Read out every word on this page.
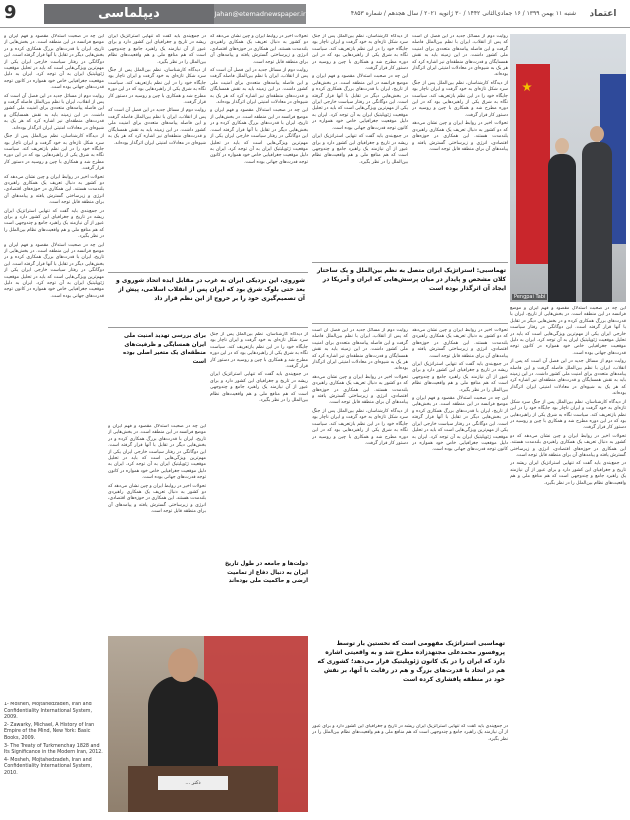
9	دیپلماسی	Jahan@etemadnewspaper.ir	شنبه ۱۱ بهمن ۱۳۹۹ / ۱۶ جمادی‌الثانی ۱۴۴۲ / ۳۰ ژانویه ۲۰۲۱ / سال هجدهم / شماره ۴۸۵۳	اعتماد
Pengpai Tabi

این چه در صحبت استدلال مقصود و فهم ایران و موضع فرانسه در این منطقه است. در بخش‌هایی از تاریخ، ایران با قدرت‌های بزرگ همکاری کرده و در بخش‌هایی دیگر در تقابل با آنها قرار گرفته است. این دوگانگی در رفتار سیاست خارجی ایران یکی از مهم‌ترین ویژگی‌هایی است که باید در تحلیل موقعیت ژئوپلیتیک ایران به آن توجه کرد. ایران به دلیل موقعیت جغرافیایی خاص خود همواره در کانون توجه قدرت‌های جهانی بوده است.

روایت دوم از مسائل جدید در این فصل آن است که پس از انقلاب، ایران با نظم بین‌الملل فاصله گرفت و این فاصله پیامدهای متعددی برای امنیت ملی کشور داشت. در این زمینه باید به نقش همسایگان و قدرت‌های منطقه‌ای نیز اشاره کرد که هر یک به شیوه‌ای در معادلات امنیتی ایران اثرگذار بوده‌اند.

از دیدگاه کارشناسان، نظم بین‌الملل پس از جنگ سرد شکل تازه‌ای به خود گرفت و ایران ناچار بود جایگاه خود را در این نظم بازتعریف کند. سیاست نگاه به شرق یکی از راهبردهایی بود که در این دوره مطرح شد و همکاری با چین و روسیه در دستور کار قرار گرفت.

تحولات اخیر در روابط ایران و چین نشان می‌دهد که دو کشور به دنبال تعریف یک همکاری راهبردی بلندمدت هستند. این همکاری در حوزه‌های اقتصادی، انرژی و زیرساختی گسترش یافته و پیامدهای آن برای منطقه قابل توجه است.

در جمع‌بندی باید گفت که تنهایی استراتژیک ایران ریشه در تاریخ و جغرافیای این کشور دارد و برای عبور از آن نیازمند یک راهبرد جامع و چندوجهی است که هم منافع ملی و هم واقعیت‌های نظام بین‌الملل را در نظر بگیرد.

روایت دوم از مسائل جدید در این فصل آن است که پس از انقلاب، ایران با نظم بین‌الملل فاصله گرفت و این فاصله پیامدهای متعددی برای امنیت ملی کشور داشت. در این زمینه باید به نقش همسایگان و قدرت‌های منطقه‌ای نیز اشاره کرد که هر یک به شیوه‌ای در معادلات امنیتی ایران اثرگذار بوده‌اند.

از دیدگاه کارشناسان، نظم بین‌الملل پس از جنگ سرد شکل تازه‌ای به خود گرفت و ایران ناچار بود جایگاه خود را در این نظم بازتعریف کند. سیاست نگاه به شرق یکی از راهبردهایی بود که در این دوره مطرح شد و همکاری با چین و روسیه در دستور کار قرار گرفت.

تحولات اخیر در روابط ایران و چین نشان می‌دهد که دو کشور به دنبال تعریف یک همکاری راهبردی بلندمدت هستند. این همکاری در حوزه‌های اقتصادی، انرژی و زیرساختی گسترش یافته و پیامدهای آن برای منطقه قابل توجه است.

تهماسبی: استراتژیک ایران متصل به نظم بین‌الملل و یک ساختار کلان مشخص و پایدار در میان پرسش‌هایی که ایران و آمریکا در ایجاد آن اثرگذار بوده است

تحولات اخیر در روابط ایران و چین نشان می‌دهد که دو کشور به دنبال تعریف یک همکاری راهبردی بلندمدت هستند. این همکاری در حوزه‌های اقتصادی، انرژی و زیرساختی گسترش یافته و پیامدهای آن برای منطقه قابل توجه است.

در جمع‌بندی باید گفت که تنهایی استراتژیک ایران ریشه در تاریخ و جغرافیای این کشور دارد و برای عبور از آن نیازمند یک راهبرد جامع و چندوجهی است که هم منافع ملی و هم واقعیت‌های نظام بین‌الملل را در نظر بگیرد.

این چه در صحبت استدلال مقصود و فهم ایران و موضع فرانسه در این منطقه است. در بخش‌هایی از تاریخ، ایران با قدرت‌های بزرگ همکاری کرده و در بخش‌هایی دیگر در تقابل با آنها قرار گرفته است. این دوگانگی در رفتار سیاست خارجی ایران یکی از مهم‌ترین ویژگی‌هایی است که باید در تحلیل موقعیت ژئوپلیتیک ایران به آن توجه کرد. ایران به دلیل موقعیت جغرافیایی خاص خود همواره در کانون توجه قدرت‌های جهانی بوده است.

از دیدگاه کارشناسان، نظم بین‌الملل پس از جنگ سرد شکل تازه‌ای به خود گرفت و ایران ناچار بود جایگاه خود را در این نظم بازتعریف کند. سیاست نگاه به شرق یکی از راهبردهایی بود که در این دوره مطرح شد و همکاری با چین و روسیه در دستور کار قرار گرفت.

این چه در صحبت استدلال مقصود و فهم ایران و موضع فرانسه در این منطقه است. در بخش‌هایی از تاریخ، ایران با قدرت‌های بزرگ همکاری کرده و در بخش‌هایی دیگر در تقابل با آنها قرار گرفته است. این دوگانگی در رفتار سیاست خارجی ایران یکی از مهم‌ترین ویژگی‌هایی است که باید در تحلیل موقعیت ژئوپلیتیک ایران به آن توجه کرد. ایران به دلیل موقعیت جغرافیایی خاص خود همواره در کانون توجه قدرت‌های جهانی بوده است.

در جمع‌بندی باید گفت که تنهایی استراتژیک ایران ریشه در تاریخ و جغرافیای این کشور دارد و برای عبور از آن نیازمند یک راهبرد جامع و چندوجهی است که هم منافع ملی و هم واقعیت‌های نظام بین‌الملل را در نظر بگیرد.

روایت دوم از مسائل جدید در این فصل آن است که پس از انقلاب، ایران با نظم بین‌الملل فاصله گرفت و این فاصله پیامدهای متعددی برای امنیت ملی کشور داشت. در این زمینه باید به نقش همسایگان و قدرت‌های منطقه‌ای نیز اشاره کرد که هر یک به شیوه‌ای در معادلات امنیتی ایران اثرگذار بوده‌اند.

تحولات اخیر در روابط ایران و چین نشان می‌دهد که دو کشور به دنبال تعریف یک همکاری راهبردی بلندمدت هستند. این همکاری در حوزه‌های اقتصادی، انرژی و زیرساختی گسترش یافته و پیامدهای آن برای منطقه قابل توجه است.

از دیدگاه کارشناسان، نظم بین‌الملل پس از جنگ سرد شکل تازه‌ای به خود گرفت و ایران ناچار بود جایگاه خود را در این نظم بازتعریف کند. سیاست نگاه به شرق یکی از راهبردهایی بود که در این دوره مطرح شد و همکاری با چین و روسیه در دستور کار قرار گرفت.

تهماسبی استراتژیک مفهومی است که نخستین بار توسط پروفسور محمدعلی مجتهدزاده مطرح شد و به واقعیتی اشاره دارد که ایران را در یک کانون ژئوپلیتیک قرار می‌دهد؛ کشوری که هم در اتحاد با قدرت‌های بزرگ و هم در رقابت با آنها، بر نقش خود در منطقه پافشاری کرده است

در جمع‌بندی باید گفت که تنهایی استراتژیک ایران ریشه در تاریخ و جغرافیای این کشور دارد و برای عبور از آن نیازمند یک راهبرد جامع و چندوجهی است که هم منافع ملی و هم واقعیت‌های نظام بین‌الملل را در نظر بگیرد.

تحولات اخیر در روابط ایران و چین نشان می‌دهد که دو کشور به دنبال تعریف یک همکاری راهبردی بلندمدت هستند. این همکاری در حوزه‌های اقتصادی، انرژی و زیرساختی گسترش یافته و پیامدهای آن برای منطقه قابل توجه است.

روایت دوم از مسائل جدید در این فصل آن است که پس از انقلاب، ایران با نظم بین‌الملل فاصله گرفت و این فاصله پیامدهای متعددی برای امنیت ملی کشور داشت. در این زمینه باید به نقش همسایگان و قدرت‌های منطقه‌ای نیز اشاره کرد که هر یک به شیوه‌ای در معادلات امنیتی ایران اثرگذار بوده‌اند.

این چه در صحبت استدلال مقصود و فهم ایران و موضع فرانسه در این منطقه است. در بخش‌هایی از تاریخ، ایران با قدرت‌های بزرگ همکاری کرده و در بخش‌هایی دیگر در تقابل با آنها قرار گرفته است. این دوگانگی در رفتار سیاست خارجی ایران یکی از مهم‌ترین ویژگی‌هایی است که باید در تحلیل موقعیت ژئوپلیتیک ایران به آن توجه کرد. ایران به دلیل موقعیت جغرافیایی خاص خود همواره در کانون توجه قدرت‌های جهانی بوده است.

شوروی، این نزدیکی ایران به غرب در مقابل ایده اتحاد شوروی و بعد حتی بلوک شرق بود که ایران پس از انقلاب اسلامی، پیش از آن تصمیم‌گیری خود را بر خروج از این نظم قرار داد

از دیدگاه کارشناسان، نظم بین‌الملل پس از جنگ سرد شکل تازه‌ای به خود گرفت و ایران ناچار بود جایگاه خود را در این نظم بازتعریف کند. سیاست نگاه به شرق یکی از راهبردهایی بود که در این دوره مطرح شد و همکاری با چین و روسیه در دستور کار قرار گرفت.

در جمع‌بندی باید گفت که تنهایی استراتژیک ایران ریشه در تاریخ و جغرافیای این کشور دارد و برای عبور از آن نیازمند یک راهبرد جامع و چندوجهی است که هم منافع ملی و هم واقعیت‌های نظام بین‌الملل را در نظر بگیرد.

دولت‌ها و جامعه در طول تاریخ ایران به دنبال دفاع از تمامیت ارضی و حاکمیت ملی بوده‌اند

در جمع‌بندی باید گفت که تنهایی استراتژیک ایران ریشه در تاریخ و جغرافیای این کشور دارد و برای عبور از آن نیازمند یک راهبرد جامع و چندوجهی است که هم منافع ملی و هم واقعیت‌های نظام بین‌الملل را در نظر بگیرد.

از دیدگاه کارشناسان، نظم بین‌الملل پس از جنگ سرد شکل تازه‌ای به خود گرفت و ایران ناچار بود جایگاه خود را در این نظم بازتعریف کند. سیاست نگاه به شرق یکی از راهبردهایی بود که در این دوره مطرح شد و همکاری با چین و روسیه در دستور کار قرار گرفت.

روایت دوم از مسائل جدید در این فصل آن است که پس از انقلاب، ایران با نظم بین‌الملل فاصله گرفت و این فاصله پیامدهای متعددی برای امنیت ملی کشور داشت. در این زمینه باید به نقش همسایگان و قدرت‌های منطقه‌ای نیز اشاره کرد که هر یک به شیوه‌ای در معادلات امنیتی ایران اثرگذار بوده‌اند.

برای بررسی تهدید امنیت ملی ایران همسایگی و ظرفیت‌های منطقه‌ای یک متغیر اصلی بوده است

این چه در صحبت استدلال مقصود و فهم ایران و موضع فرانسه در این منطقه است. در بخش‌هایی از تاریخ، ایران با قدرت‌های بزرگ همکاری کرده و در بخش‌هایی دیگر در تقابل با آنها قرار گرفته است. این دوگانگی در رفتار سیاست خارجی ایران یکی از مهم‌ترین ویژگی‌هایی است که باید در تحلیل موقعیت ژئوپلیتیک ایران به آن توجه کرد. ایران به دلیل موقعیت جغرافیایی خاص خود همواره در کانون توجه قدرت‌های جهانی بوده است.

تحولات اخیر در روابط ایران و چین نشان می‌دهد که دو کشور به دنبال تعریف یک همکاری راهبردی بلندمدت هستند. این همکاری در حوزه‌های اقتصادی، انرژی و زیرساختی گسترش یافته و پیامدهای آن برای منطقه قابل توجه است.

این چه در صحبت استدلال مقصود و فهم ایران و موضع فرانسه در این منطقه است. در بخش‌هایی از تاریخ، ایران با قدرت‌های بزرگ همکاری کرده و در بخش‌هایی دیگر در تقابل با آنها قرار گرفته است. این دوگانگی در رفتار سیاست خارجی ایران یکی از مهم‌ترین ویژگی‌هایی است که باید در تحلیل موقعیت ژئوپلیتیک ایران به آن توجه کرد. ایران به دلیل موقعیت جغرافیایی خاص خود همواره در کانون توجه قدرت‌های جهانی بوده است.

روایت دوم از مسائل جدید در این فصل آن است که پس از انقلاب، ایران با نظم بین‌الملل فاصله گرفت و این فاصله پیامدهای متعددی برای امنیت ملی کشور داشت. در این زمینه باید به نقش همسایگان و قدرت‌های منطقه‌ای نیز اشاره کرد که هر یک به شیوه‌ای در معادلات امنیتی ایران اثرگذار بوده‌اند.

از دیدگاه کارشناسان، نظم بین‌الملل پس از جنگ سرد شکل تازه‌ای به خود گرفت و ایران ناچار بود جایگاه خود را در این نظم بازتعریف کند. سیاست نگاه به شرق یکی از راهبردهایی بود که در این دوره مطرح شد و همکاری با چین و روسیه در دستور کار قرار گرفت.

تحولات اخیر در روابط ایران و چین نشان می‌دهد که دو کشور به دنبال تعریف یک همکاری راهبردی بلندمدت هستند. این همکاری در حوزه‌های اقتصادی، انرژی و زیرساختی گسترش یافته و پیامدهای آن برای منطقه قابل توجه است.

در جمع‌بندی باید گفت که تنهایی استراتژیک ایران ریشه در تاریخ و جغرافیای این کشور دارد و برای عبور از آن نیازمند یک راهبرد جامع و چندوجهی است که هم منافع ملی و هم واقعیت‌های نظام بین‌الملل را در نظر بگیرد.

این چه در صحبت استدلال مقصود و فهم ایران و موضع فرانسه در این منطقه است. در بخش‌هایی از تاریخ، ایران با قدرت‌های بزرگ همکاری کرده و در بخش‌هایی دیگر در تقابل با آنها قرار گرفته است. این دوگانگی در رفتار سیاست خارجی ایران یکی از مهم‌ترین ویژگی‌هایی است که باید در تحلیل موقعیت ژئوپلیتیک ایران به آن توجه کرد. ایران به دلیل موقعیت جغرافیایی خاص خود همواره در کانون توجه قدرت‌های جهانی بوده است.

دکتر ...

1- Mosheh, Mojtahedzadeh, Iran and Confidentiality International System, 2009.

2- Zawarky, Michael, A History of Iran Empire of the Mind, New York: Basic Books, 2009.

3- The Treaty of Turkmenchay 1828 and Its Significance in the Modern Iran, 2012.

4- Mosheh, Mojtahedzadeh, Iran and Confidentiality International System, 2010.
